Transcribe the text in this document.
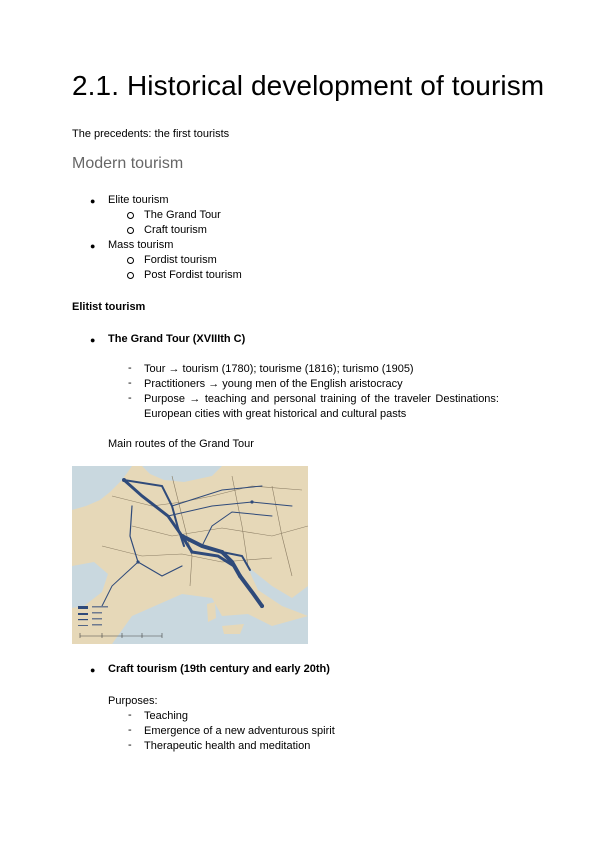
2.1. Historical development of tourism
The precedents: the first tourists
Modern tourism
● Elite tourism
The Grand Tour
Craft tourism
● Mass tourism
Fordist tourism
Post Fordist tourism
Elitist tourism
● The Grand Tour (XVIIIth C)
- Tour → tourism (1780); tourisme (1816); turismo (1905)
- Practitioners → young men of the English aristocracy
- Purpose → teaching and personal training of the traveler Destinations: European cities with great historical and cultural pasts
Main routes of the Grand Tour
● Craft tourism (19th century and early 20th)
Purposes:
- Teaching
- Emergence of a new adventurous spirit
- Therapeutic health and meditation
